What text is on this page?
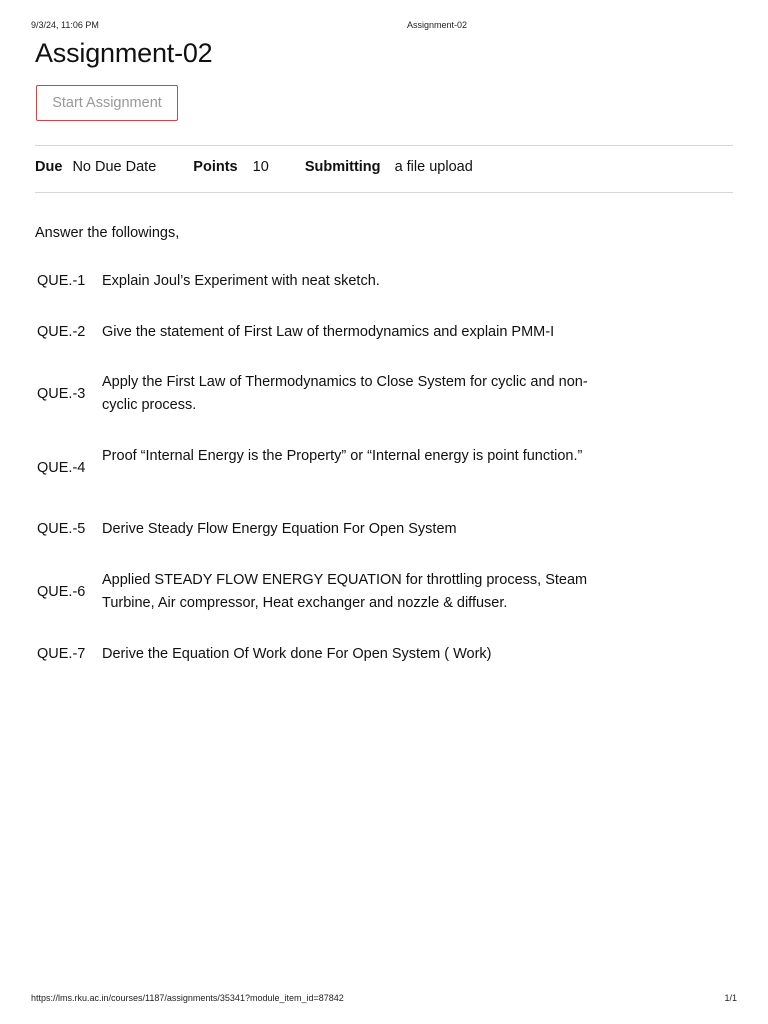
9/3/24, 11:06 PM	Assignment-02
Assignment-02
Start Assignment
Due No Due Date	Points 10 Submitting a file upload

Answer the followings,

QUE.-1	Explain Joul’s Experiment with neat sketch.
QUE.-2	Give the statement of First Law of thermodynamics and explain PMM-I
QUE.-3
Apply the First Law of Thermodynamics to Close System for cyclic and non-cyclic process.
QUE.-4
Proof “Internal Energy is the Property” or “Internal energy is point function.”
QUE.-5	Derive Steady Flow Energy Equation For Open System
QUE.-6
Applied STEADY FLOW ENERGY EQUATION for throttling process, Steam Turbine, Air compressor, Heat exchanger and nozzle & diffuser.
QUE.-7	Derive the Equation Of Work done For Open System ( Work)
https://lms.rku.ac.in/courses/1187/assignments/35341?module_item_id=87842	1/1
